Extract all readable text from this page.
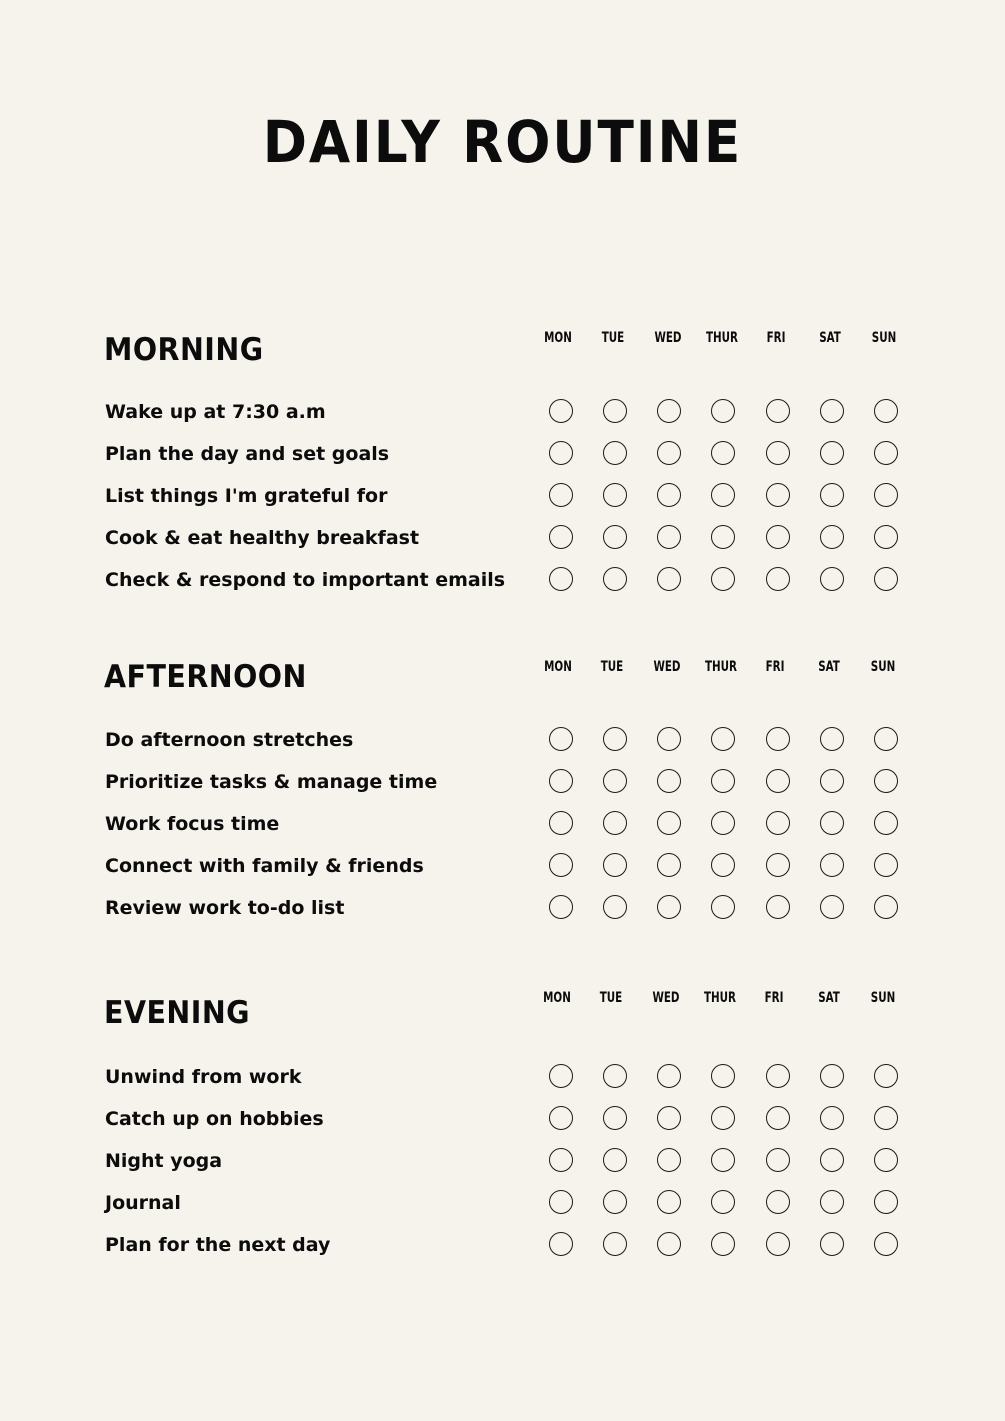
DAILY ROUTINE
MORNING	MON	TUE	WED	THUR	FRI	SAT	SUN
Wake up at 7:30 a.m
Plan the day and set goals
List things I'm grateful for
Cook & eat healthy breakfast
Check & respond to important emails
AFTERNOON	MON	TUE	WED	THUR	FRI	SAT	SUN
Do afternoon stretches
Prioritize tasks & manage time
Work focus time
Connect with family & friends
Review work to-do list
EVENING	MON	TUE	WED	THUR	FRI	SAT	SUN
Unwind from work
Catch up on hobbies
Night yoga
Journal
Plan for the next day
